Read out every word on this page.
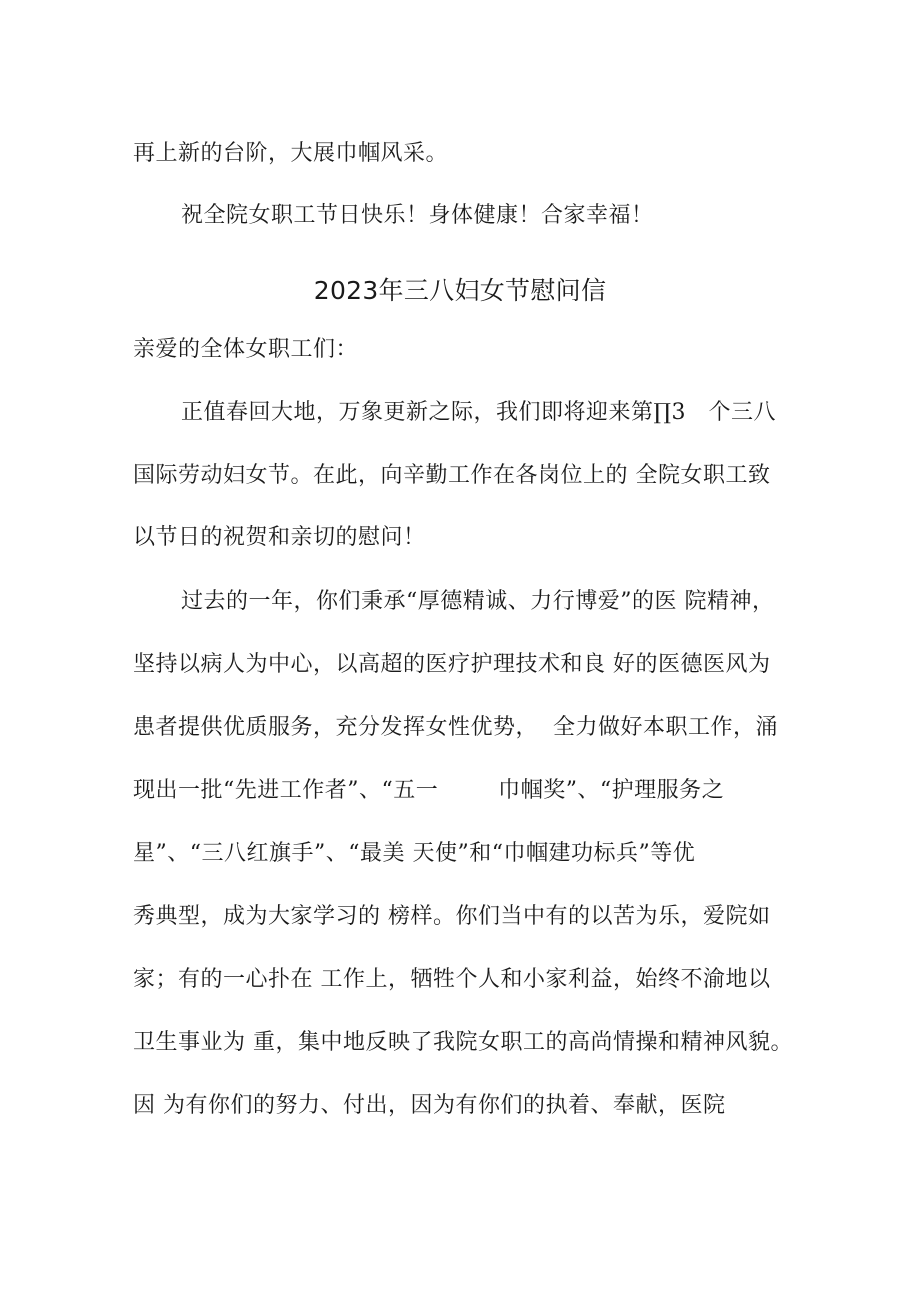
再上新的台阶，大展巾帼风采。
祝全院女职工节日快乐！身体健康！合家幸福！
2023年三八妇女节慰问信
亲爱的全体女职工们：
正值春回大地，万象更新之际，我们即将迎来第∏3　个三八
国际劳动妇女节。在此，向辛勤工作在各岗位上的 全院女职工致
以节日的祝贺和亲切的慰问！
过去的一年，你们秉承“厚德精诚、力行博爱”的医 院精神，
坚持以病人为中心，以高超的医疗护理技术和良 好的医德医风为
患者提供优质服务，充分发挥女性优势，  全力做好本职工作，涌
现出一批“先进工作者”、“五一        巾帼奖”、“护理服务之
星”、“三八红旗手”、“最美 天使”和“巾帼建功标兵”等优
秀典型，成为大家学习的 榜样。你们当中有的以苦为乐，爱院如
家；有的一心扑在 工作上，牺牲个人和小家利益，始终不渝地以
卫生事业为 重，集中地反映了我院女职工的高尚情操和精神风貌。
因 为有你们的努力、付出，因为有你们的执着、奉献，医院
